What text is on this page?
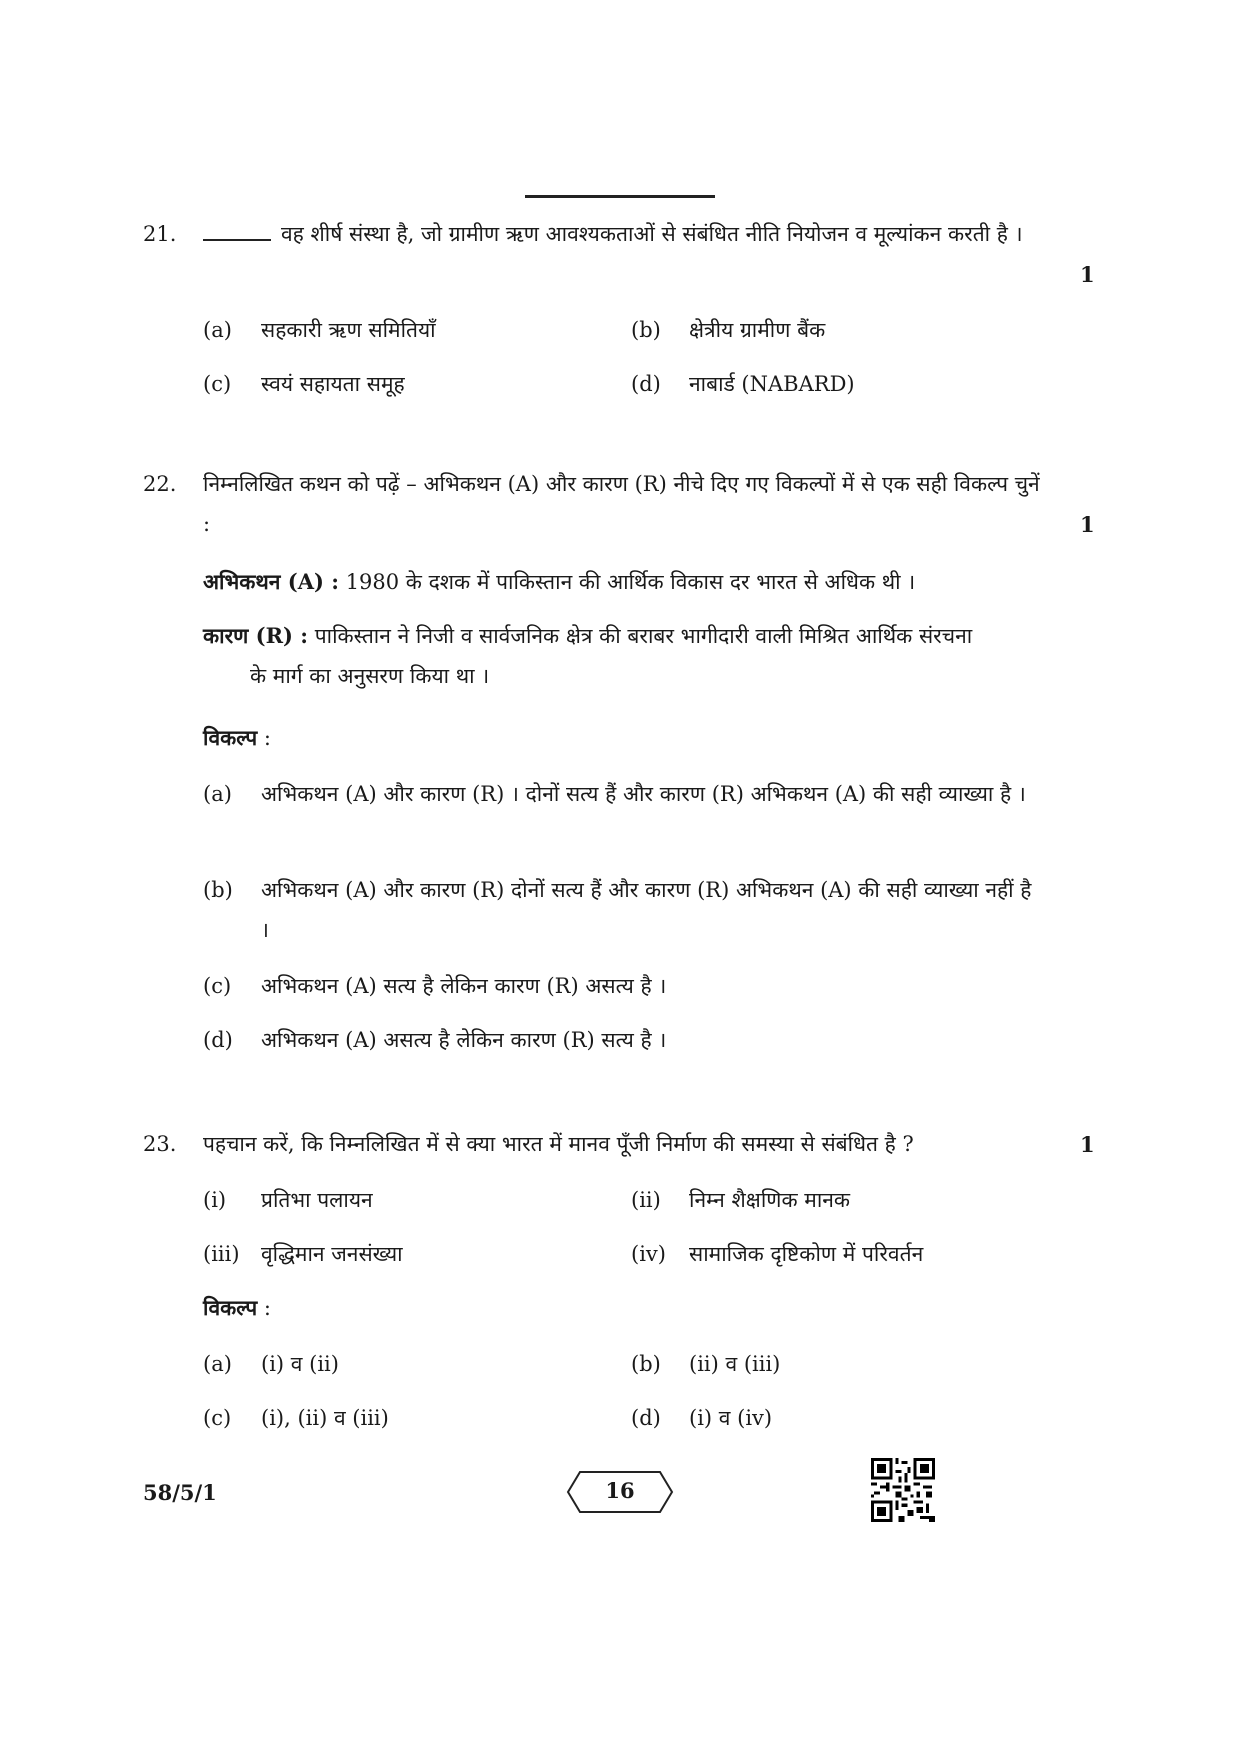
21.	वह शीर्ष संस्था है, जो ग्रामीण ऋण आवश्यकताओं से संबंधित नीति नियोजन व मूल्यांकन करती है ।
1
(a) सहकारी ऋण समितियाँ	(b) क्षेत्रीय ग्रामीण बैंक
(c) स्वयं सहायता समूह	(d) नाबार्ड (NABARD)
22. निम्नलिखित कथन को पढ़ें – अभिकथन (A) और कारण (R) नीचे दिए गए विकल्पों में से एक सही विकल्प चुनें :	1
अभिकथन (A) : 1980 के दशक में पाकिस्तान की आर्थिक विकास दर भारत से अधिक थी ।
कारण (R) : पाकिस्तान ने निजी व सार्वजनिक क्षेत्र की बराबर भागीदारी वाली मिश्रित आर्थिक संरचना
के मार्ग का अनुसरण किया था ।
विकल्प :
(a) अभिकथन (A) और कारण (R) । दोनों सत्य हैं और कारण (R) अभिकथन (A) की सही व्याख्या है ।
(b) अभिकथन (A) और कारण (R) दोनों सत्य हैं और कारण (R) अभिकथन (A) की सही व्याख्या नहीं है ।
(c) अभिकथन (A) सत्य है लेकिन कारण (R) असत्य है ।
(d) अभिकथन (A) असत्य है लेकिन कारण (R) सत्य है ।
23. पहचान करें, कि निम्नलिखित में से क्या भारत में मानव पूँजी निर्माण की समस्या से संबंधित है ?	1
(i) प्रतिभा पलायन	(ii) निम्न शैक्षणिक मानक
(iii) वृद्धिमान जनसंख्या	(iv) सामाजिक दृष्टिकोण में परिवर्तन
विकल्प :
(a) (i) व (ii)	(b) (ii) व (iii)
(c) (i), (ii) व (iii)	(d) (i) व (iv)
58/5/1	16
